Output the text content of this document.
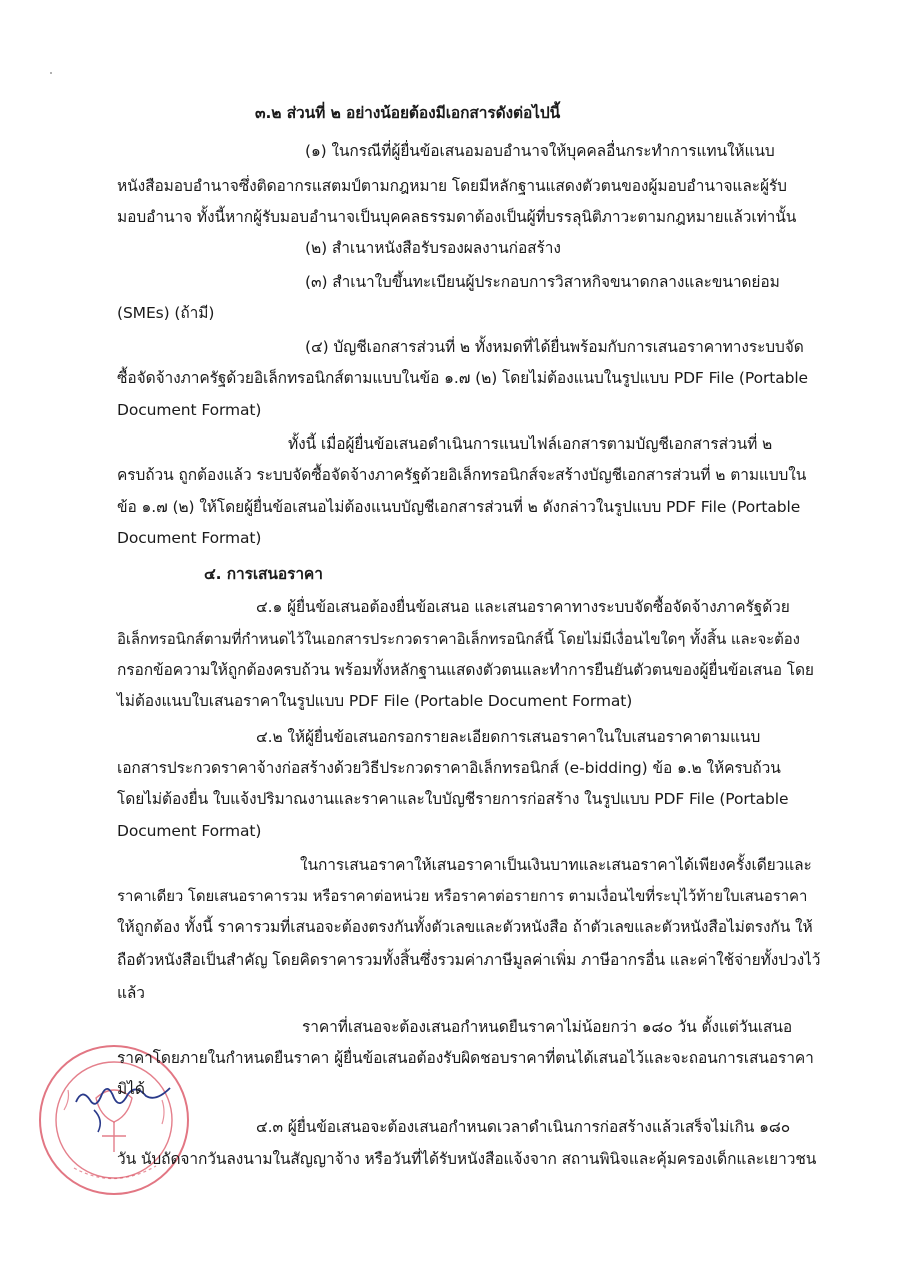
๓.๒ ส่วนที่ ๒ อย่างน้อยต้องมีเอกสารดังต่อไปนี้

(๑) ในกรณีที่ผู้ยื่นข้อเสนอมอบอำนาจให้บุคคลอื่นกระทำการแทนให้แนบ

หนังสือมอบอำนาจซึ่งติดอากรแสตมป์ตามกฎหมาย โดยมีหลักฐานแสดงตัวตนของผู้มอบอำนาจและผู้รับ

มอบอำนาจ ทั้งนี้หากผู้รับมอบอำนาจเป็นบุคคลธรรมดาต้องเป็นผู้ที่บรรลุนิติภาวะตามกฎหมายแล้วเท่านั้น

(๒) สำเนาหนังสือรับรองผลงานก่อสร้าง

(๓) สำเนาใบขึ้นทะเบียนผู้ประกอบการวิสาหกิจขนาดกลางและขนาดย่อม

(SMEs) (ถ้ามี)

(๔) บัญชีเอกสารส่วนที่ ๒ ทั้งหมดที่ได้ยื่นพร้อมกับการเสนอราคาทางระบบจัด

ซื้อจัดจ้างภาครัฐด้วยอิเล็กทรอนิกส์ตามแบบในข้อ ๑.๗ (๒) โดยไม่ต้องแนบในรูปแบบ PDF File (Portable

Document Format)

ทั้งนี้ เมื่อผู้ยื่นข้อเสนอดำเนินการแนบไฟล์เอกสารตามบัญชีเอกสารส่วนที่ ๒

ครบถ้วน ถูกต้องแล้ว ระบบจัดซื้อจัดจ้างภาครัฐด้วยอิเล็กทรอนิกส์จะสร้างบัญชีเอกสารส่วนที่ ๒ ตามแบบใน

ข้อ ๑.๗ (๒) ให้โดยผู้ยื่นข้อเสนอไม่ต้องแนบบัญชีเอกสารส่วนที่ ๒ ดังกล่าวในรูปแบบ PDF File (Portable

Document Format)

๔. การเสนอราคา

๔.๑ ผู้ยื่นข้อเสนอต้องยื่นข้อเสนอ และเสนอราคาทางระบบจัดซื้อจัดจ้างภาครัฐด้วย

อิเล็กทรอนิกส์ตามที่กำหนดไว้ในเอกสารประกวดราคาอิเล็กทรอนิกส์นี้ โดยไม่มีเงื่อนไขใดๆ ทั้งสิ้น และจะต้อง

กรอกข้อความให้ถูกต้องครบถ้วน พร้อมทั้งหลักฐานแสดงตัวตนและทำการยืนยันตัวตนของผู้ยื่นข้อเสนอ โดย

ไม่ต้องแนบใบเสนอราคาในรูปแบบ PDF File (Portable Document Format)

๔.๒ ให้ผู้ยื่นข้อเสนอกรอกรายละเอียดการเสนอราคาในใบเสนอราคาตามแนบ

เอกสารประกวดราคาจ้างก่อสร้างด้วยวิธีประกวดราคาอิเล็กทรอนิกส์ (e-bidding) ข้อ ๑.๒ ให้ครบถ้วน

โดยไม่ต้องยื่น ใบแจ้งปริมาณงานและราคาและใบบัญชีรายการก่อสร้าง ในรูปแบบ PDF File (Portable

Document Format)

ในการเสนอราคาให้เสนอราคาเป็นเงินบาทและเสนอราคาได้เพียงครั้งเดียวและ

ราคาเดียว โดยเสนอราคารวม หรือราคาต่อหน่วย หรือราคาต่อรายการ ตามเงื่อนไขที่ระบุไว้ท้ายใบเสนอราคา

ให้ถูกต้อง ทั้งนี้ ราคารวมที่เสนอจะต้องตรงกันทั้งตัวเลขและตัวหนังสือ ถ้าตัวเลขและตัวหนังสือไม่ตรงกัน ให้

ถือตัวหนังสือเป็นสำคัญ โดยคิดราคารวมทั้งสิ้นซึ่งรวมค่าภาษีมูลค่าเพิ่ม ภาษีอากรอื่น และค่าใช้จ่ายทั้งปวงไว้

แล้ว

ราคาที่เสนอจะต้องเสนอกำหนดยืนราคาไม่น้อยกว่า ๑๘๐ วัน ตั้งแต่วันเสนอ

ราคาโดยภายในกำหนดยืนราคา ผู้ยื่นข้อเสนอต้องรับผิดชอบราคาที่ตนได้เสนอไว้และจะถอนการเสนอราคา

มิได้

๔.๓ ผู้ยื่นข้อเสนอจะต้องเสนอกำหนดเวลาดำเนินการก่อสร้างแล้วเสร็จไม่เกิน ๑๘๐

วัน นับถัดจากวันลงนามในสัญญาจ้าง หรือวันที่ได้รับหนังสือแจ้งจาก สถานพินิจและคุ้มครองเด็กและเยาวชน
